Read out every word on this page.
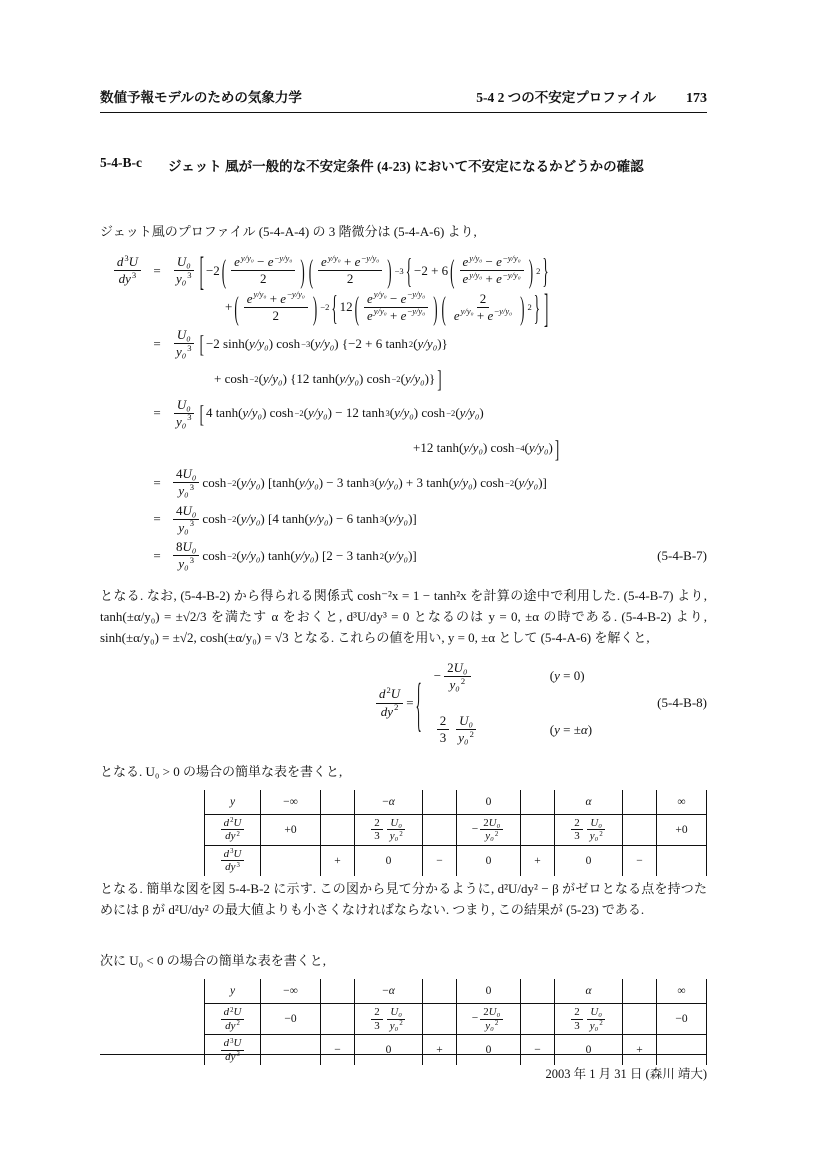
数値予報モデルのための気象力学	5-4 2 つの不安定プロファイル 173
5-4-B-c ジェット 風が一般的な不安定条件 (4-23) において不安定になるかどうかの確認

ジェット風のプロファイル (5-4-A-4) の 3 階微分は (5-4-A-6) より,

$\frac{d^3U}{dy^3} = \frac{\text{U₀}}{y_0^3}$ [ −2 ( $\frac{e^{y/y_0} - e^{-y/y_0}}{2}$ ) ( $\frac{e^{y/y_0} + e^{-y/y_0}}{2}$ ) −3 { −2 + 6 ( $\frac{e^{y/y_0} - e^{-y/y_0}}{e^{y/y_0} + e^{-y/y_0}}$ ) 2 }
+ ( $\frac{e^{y/y_0} + e^{-y/y_0}}{2}$ ) −2 { 12 ( $\frac{e^{y/y_0} - e^{-y/y_0}}{e^{y/y_0} + e^{-y/y_0}}$ ) ( $\frac{2}{e^{y/y_0} + e^{-y/y_0}}$ ) 2 } ]
= $\frac{\text{U₀}}{y_0^3}$ [ −2 sinh( y/y₀ ) cosh −3 ( y/y₀ ) {−2 + 6 tanh 2 ( y/y₀ )}
+ cosh −2 ( y/y₀ ) {12 tanh( y/y₀ ) cosh −2 ( y/y₀ )} ]
= $\frac{\text{U₀}}{y_0^3}$ [ 4 tanh( y/y₀ ) cosh −2 ( y/y₀ ) − 12 tanh 3 ( y/y₀ ) cosh −2 ( y/y₀ )
+12 tanh( y/y₀ ) cosh −4 ( y/y₀ ) ]
= $\frac{\text{4U₀}}{y_0^3}$ cosh −2 ( y/y₀ ) [tanh( y/y₀ ) − 3 tanh 3 ( y/y₀ ) + 3 tanh( y/y₀ ) cosh −2 ( y/y₀ )]
= $\frac{\text{4U₀}}{y_0^3}$ cosh −2 ( y/y₀ ) [4 tanh( y/y₀ ) − 6 tanh 3 ( y/y₀ )]
= $\frac{\text{8U₀}}{y_0^3}$ cosh −2 ( y/y₀ ) tanh( y/y₀ ) [2 − 3 tanh 2 ( y/y₀ )]	(5-4-B-7)

となる. なお, (5-4-B-2) から得られる関係式 cosh⁻²x = 1 − tanh²x を計算の途中で利用した. (5-4-B-7) より, tanh(±α/y₀) = ±√2/3 を満たす α をおくと, d³U/dy³ = 0 となるのは y = 0, ±α の時である. (5-4-B-2) より, sinh(±α/y₀) = ±√2, cosh(±α/y₀) = √3 となる. これらの値を用い, y = 0, ±α として (5-4-A-6) を解くと,

$\frac{d^2U}{dy^2}$ = { − $\frac{\text{2U₀}}{y_0^2}$	(y = 0)
$\frac{2}{3} \frac{\text{U₀}}{y_0^2}$	(y = ±α)
(5-4-B-8)

となる. U₀ > 0 の場合の簡単な表を書くと,

y	−∞		−α		0		α		∞

$\frac{d^2U}{dy^2}$	+0		$\frac{2}{3} \frac{\text{U₀}}{y_0^2}$		− $\frac{\text{2U₀}}{y_0^2}$		$\frac{2}{3} \frac{\text{U₀}}{y_0^2}$		+0

$\frac{d^3U}{dy^3}$		+	0	−	0	+	0	−	

となる. 簡単な図を図 5-4-B-2 に示す. この図から見て分かるように, d²U/dy² − β がゼロとなる点を持つためには β が d²U/dy² の最大値よりも小さくなければならない. つまり, この結果が (5-23) である.

次に U₀ < 0 の場合の簡単な表を書くと,

y	−∞		−α		0		α		∞

$\frac{d^2U}{dy^2}$	−0		$\frac{2}{3} \frac{\text{U₀}}{y_0^2}$		− $\frac{\text{2U₀}}{y_0^2}$		$\frac{2}{3} \frac{\text{U₀}}{y_0^2}$		−0

$\frac{d^3U}{dy^3}$		−	0	+	0	−	0	+	
2003 年 1 月 31 日 (森川 靖大)
